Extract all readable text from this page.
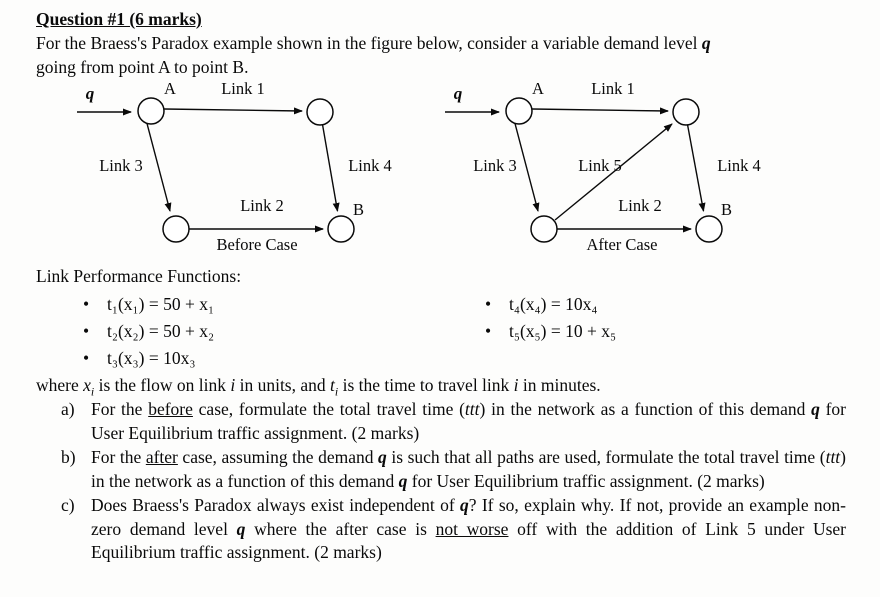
Question #1 (6 marks)

For the Braess's Paradox example shown in the figure below, consider a variable demand level q
going from point A to point B.

q	A	Link 1
Link 3	Link 4
Link 2	B
Before Case
q	A	Link 1
Link 3	Link 5	Link 4
Link 2	B
After Case

Link Performance Functions:

• t₁(x₁) = 50 + x₁
• t₂(x₂) = 50 + x₂
• t₃(x₃) = 10x₃
• t₄(x₄) = 10x₄
• t₅(x₅) = 10 + x₅

where $x_i$ is the flow on link i in units, and $t_i$ is the time to travel link i in minutes.

a) For the before case, formulate the total travel time (ttt) in the network as a function of this demand q for User Equilibrium traffic assignment. (2 marks)
b) For the after case, assuming the demand q is such that all paths are used, formulate the total travel time (ttt) in the network as a function of this demand q for User Equilibrium traffic assignment. (2 marks)
c) Does Braess's Paradox always exist independent of q? If so, explain why. If not, provide an example non-zero demand level q where the after case is not worse off with the addition of Link 5 under User Equilibrium traffic assignment. (2 marks)
